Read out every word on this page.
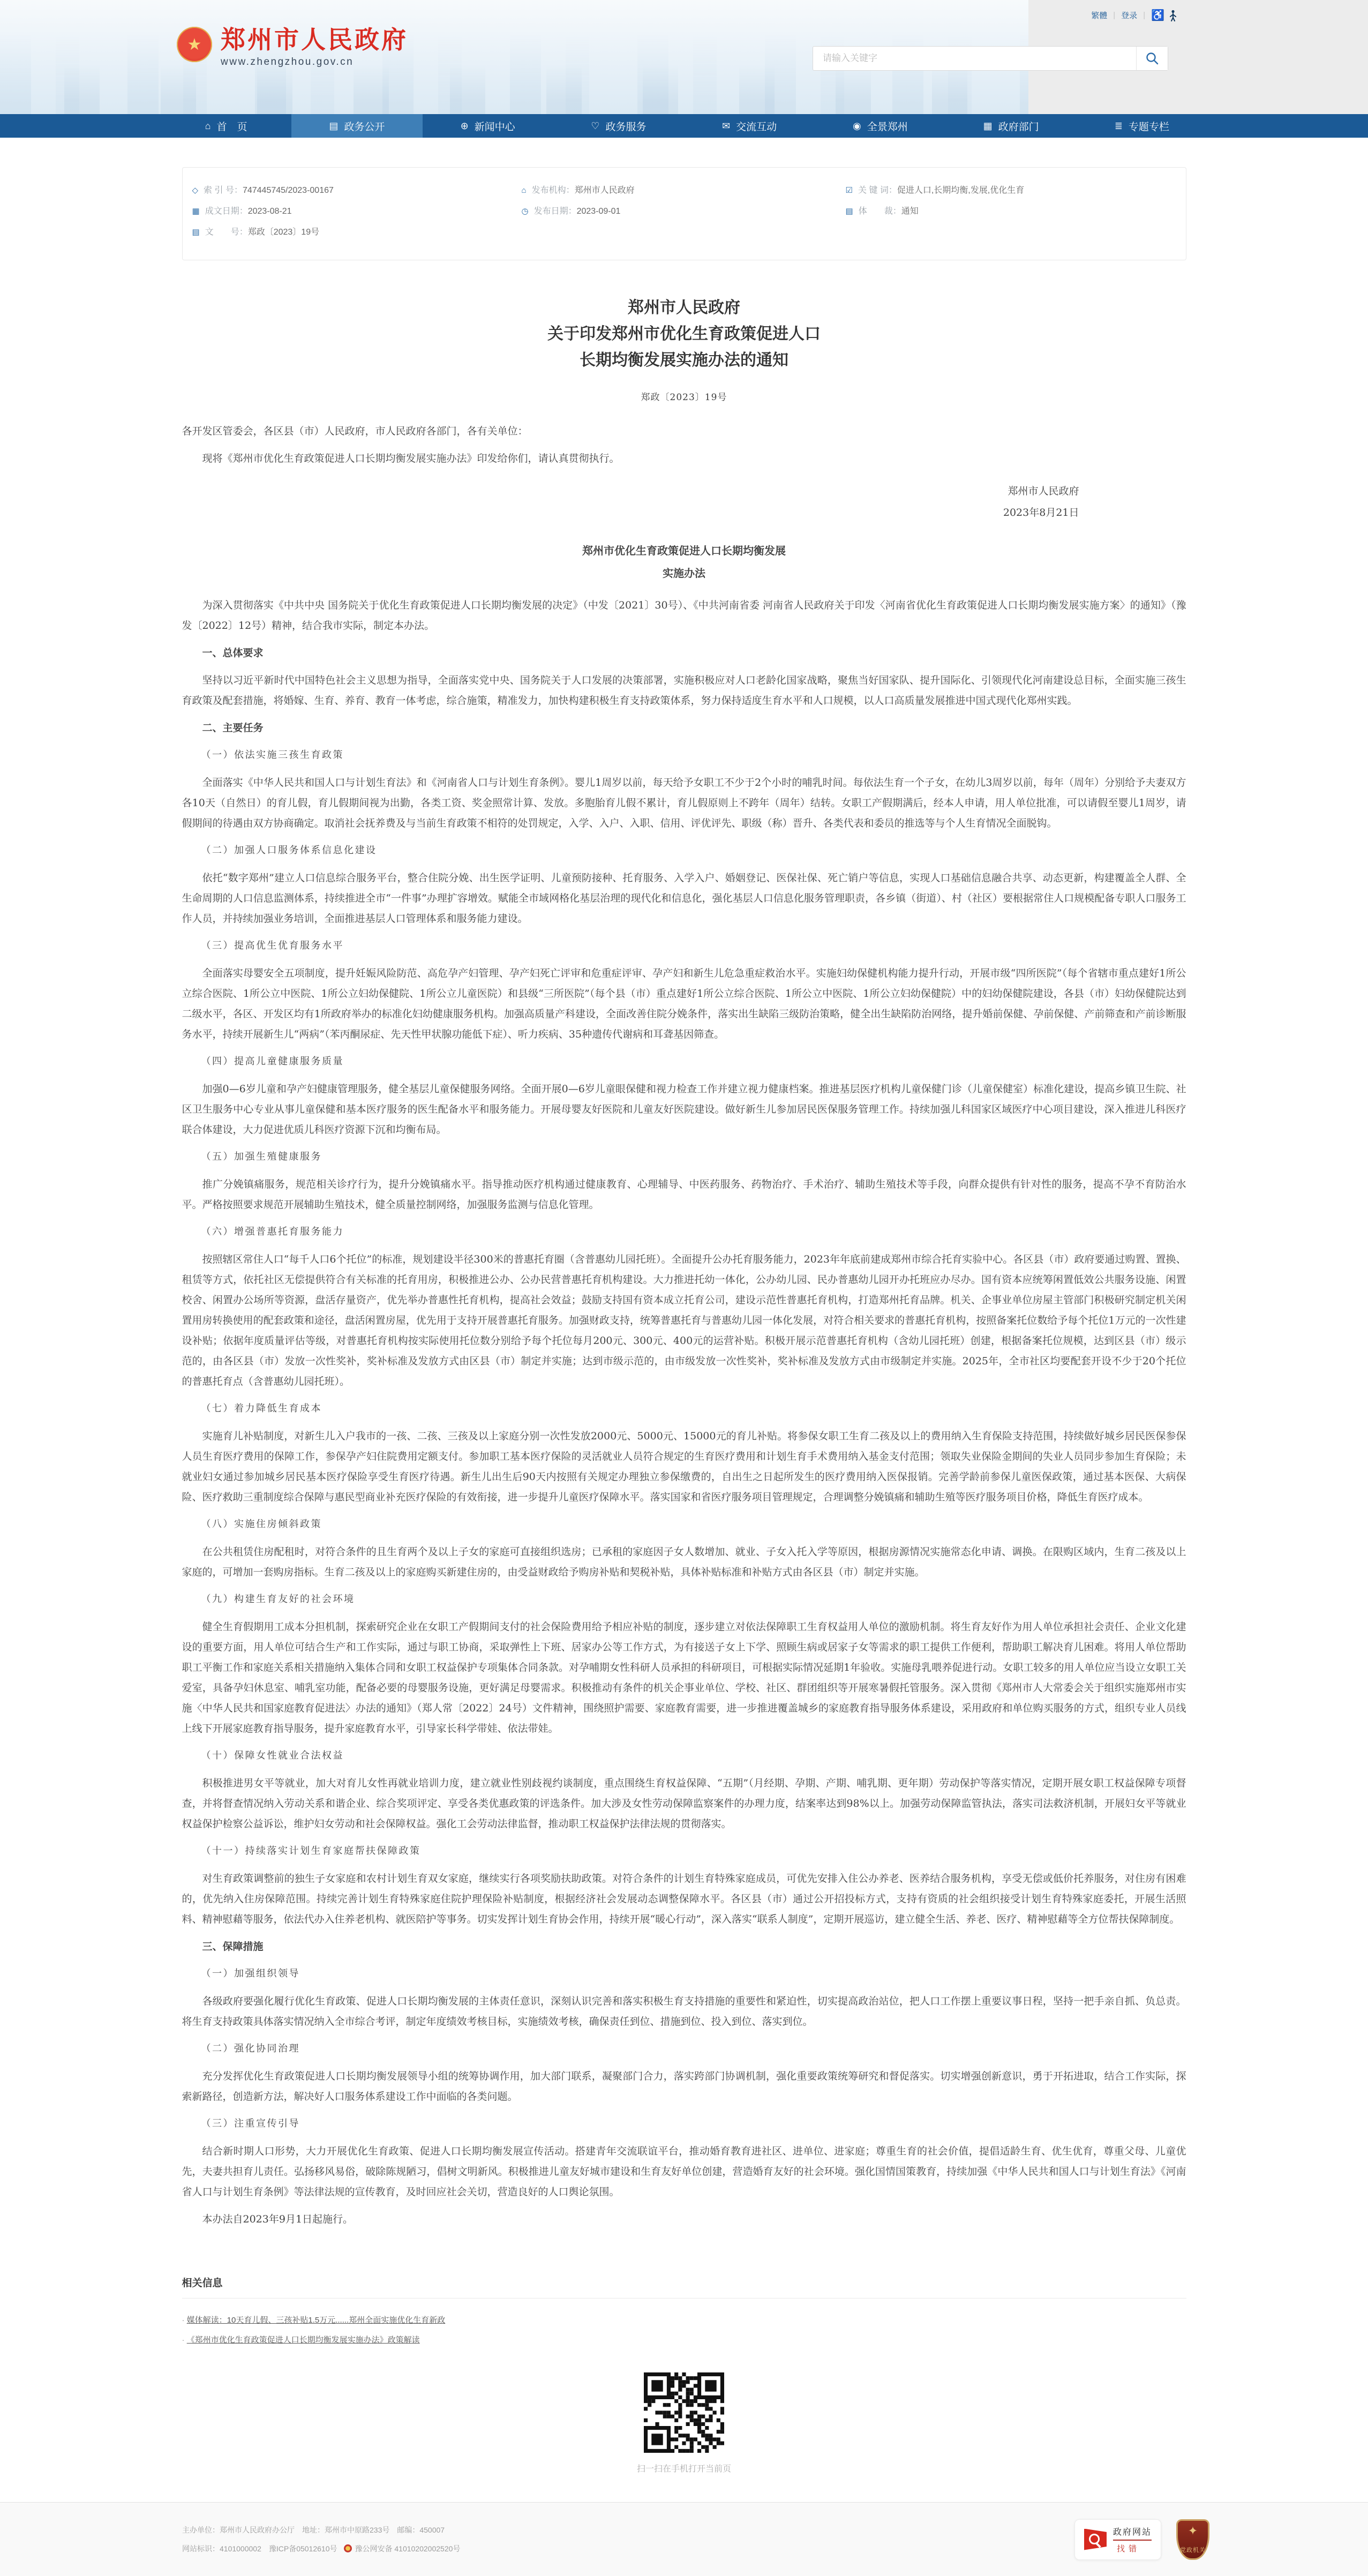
繁體 | 登录 | ♿
★ 郑州市人民政府
www.zhengzhou.gov.cn
请输入关键字
⌂ 首　页	▤ 政务公开	⊕ 新闻中心	♡ 政务服务	✉ 交流互动	◉ 全景郑州	▦ 政府部门	≣ 专题专栏
◇ 索 引 号： 747445745/2023-00167
▦ 成文日期： 2023-08-21
▤ 文　　号： 郑政〔2023〕19号
⌂ 发布机构： 郑州市人民政府
◷ 发布日期： 2023-09-01
☑ 关 键 词： 促进人口,长期均衡,发展,优化生育
▤ 体　　裁： 通知
郑州市人民政府
关于印发郑州市优化生育政策促进人口
长期均衡发展实施办法的通知
郑政〔2023〕19号

各开发区管委会，各区县（市）人民政府，市人民政府各部门，各有关单位：

现将《郑州市优化生育政策促进人口长期均衡发展实施办法》印发给你们，请认真贯彻执行。

郑州市人民政府
2023年8月21日
郑州市优化生育政策促进人口长期均衡发展
实施办法

为深入贯彻落实《中共中央 国务院关于优化生育政策促进人口长期均衡发展的决定》（中发〔2021〕30号）、《中共河南省委 河南省人民政府关于印发〈河南省优化生育政策促进人口长期均衡发展实施方案〉的通知》（豫发〔2022〕12号）精神，结合我市实际，制定本办法。

一、总体要求

坚持以习近平新时代中国特色社会主义思想为指导，全面落实党中央、国务院关于人口发展的决策部署，实施积极应对人口老龄化国家战略，聚焦当好国家队、提升国际化、引领现代化河南建设总目标，全面实施三孩生育政策及配套措施，将婚嫁、生育、养育、教育一体考虑，综合施策，精准发力，加快构建积极生育支持政策体系，努力保持适度生育水平和人口规模，以人口高质量发展推进中国式现代化郑州实践。

二、主要任务

（一）依法实施三孩生育政策

全面落实《中华人民共和国人口与计划生育法》和《河南省人口与计划生育条例》。婴儿1周岁以前，每天给予女职工不少于2个小时的哺乳时间。每依法生育一个子女，在幼儿3周岁以前，每年（周年）分别给予夫妻双方各10天（自然日）的育儿假，育儿假期间视为出勤，各类工资、奖金照常计算、发放。多胞胎育儿假不累计，育儿假原则上不跨年（周年）结转。女职工产假期满后，经本人申请，用人单位批准，可以请假至婴儿1周岁，请假期间的待遇由双方协商确定。取消社会抚养费及与当前生育政策不相符的处罚规定，入学、入户、入职、信用、评优评先、职级（称）晋升、各类代表和委员的推选等与个人生育情况全面脱钩。

（二）加强人口服务体系信息化建设

依托“数字郑州”建立人口信息综合服务平台，整合住院分娩、出生医学证明、儿童预防接种、托育服务、入学入户、婚姻登记、医保社保、死亡销户等信息，实现人口基础信息融合共享、动态更新，构建覆盖全人群、全生命周期的人口信息监测体系，持续推进全市“一件事”办理扩容增效。赋能全市域网格化基层治理的现代化和信息化，强化基层人口信息化服务管理职责，各乡镇（街道）、村（社区）要根据常住人口规模配备专职人口服务工作人员，并持续加强业务培训，全面推进基层人口管理体系和服务能力建设。

（三）提高优生优育服务水平

全面落实母婴安全五项制度，提升妊娠风险防范、高危孕产妇管理、孕产妇死亡评审和危重症评审、孕产妇和新生儿危急重症救治水平。实施妇幼保健机构能力提升行动，开展市级“四所医院”（每个省辖市重点建好1所公立综合医院、1所公立中医院、1所公立妇幼保健院、1所公立儿童医院）和县级“三所医院”（每个县（市）重点建好1所公立综合医院、1所公立中医院、1所公立妇幼保健院）中的妇幼保健院建设，各县（市）妇幼保健院达到二级水平，各区、开发区均有1所政府举办的标准化妇幼健康服务机构。加强高质量产科建设，全面改善住院分娩条件，落实出生缺陷三级防治策略，健全出生缺陷防治网络，提升婚前保健、孕前保健、产前筛查和产前诊断服务水平，持续开展新生儿“两病”（苯丙酮尿症、先天性甲状腺功能低下症）、听力疾病、35种遗传代谢病和耳聋基因筛查。

（四）提高儿童健康服务质量

加强0—6岁儿童和孕产妇健康管理服务，健全基层儿童保健服务网络。全面开展0—6岁儿童眼保健和视力检查工作并建立视力健康档案。推进基层医疗机构儿童保健门诊（儿童保健室）标准化建设，提高乡镇卫生院、社区卫生服务中心专业从事儿童保健和基本医疗服务的医生配备水平和服务能力。开展母婴友好医院和儿童友好医院建设。做好新生儿参加居民医保服务管理工作。持续加强儿科国家区域医疗中心项目建设，深入推进儿科医疗联合体建设，大力促进优质儿科医疗资源下沉和均衡布局。

（五）加强生殖健康服务

推广分娩镇痛服务，规范相关诊疗行为，提升分娩镇痛水平。指导推动医疗机构通过健康教育、心理辅导、中医药服务、药物治疗、手术治疗、辅助生殖技术等手段，向群众提供有针对性的服务，提高不孕不育防治水平。严格按照要求规范开展辅助生殖技术，健全质量控制网络，加强服务监测与信息化管理。

（六）增强普惠托育服务能力

按照辖区常住人口“每千人口6个托位”的标准，规划建设半径300米的普惠托育圈（含普惠幼儿园托班）。全面提升公办托育服务能力，2023年年底前建成郑州市综合托育实验中心。各区县（市）政府要通过购置、置换、租赁等方式，依托社区无偿提供符合有关标准的托育用房，积极推进公办、公办民营普惠托育机构建设。大力推进托幼一体化，公办幼儿园、民办普惠幼儿园开办托班应办尽办。国有资本应统筹闲置低效公共服务设施、闲置校舍、闲置办公场所等资源，盘活存量资产，优先举办普惠性托育机构，提高社会效益；鼓励支持国有资本成立托育公司，建设示范性普惠托育机构，打造郑州托育品牌。机关、企事业单位房屋主管部门积极研究制定机关闲置用房转换使用的配套政策和途径，盘活闲置房屋，优先用于支持开展普惠托育服务。加强财政支持，统筹普惠托育与普惠幼儿园一体化发展，对符合相关要求的普惠托育机构，按照备案托位数给予每个托位1万元的一次性建设补贴；依据年度质量评估等级，对普惠托育机构按实际使用托位数分别给予每个托位每月200元、300元、400元的运营补贴。积极开展示范普惠托育机构（含幼儿园托班）创建，根据备案托位规模，达到区县（市）级示范的，由各区县（市）发放一次性奖补，奖补标准及发放方式由区县（市）制定并实施；达到市级示范的，由市级发放一次性奖补，奖补标准及发放方式由市级制定并实施。2025年，全市社区均要配套开设不少于20个托位的普惠托育点（含普惠幼儿园托班）。

（七）着力降低生育成本

实施育儿补贴制度，对新生儿入户我市的一孩、二孩、三孩及以上家庭分别一次性发放2000元、5000元、15000元的育儿补贴。将参保女职工生育二孩及以上的费用纳入生育保险支持范围，持续做好城乡居民医保参保人员生育医疗费用的保障工作，参保孕产妇住院费用定额支付。参加职工基本医疗保险的灵活就业人员符合规定的生育医疗费用和计划生育手术费用纳入基金支付范围；领取失业保险金期间的失业人员同步参加生育保险；未就业妇女通过参加城乡居民基本医疗保险享受生育医疗待遇。新生儿出生后90天内按照有关规定办理独立参保缴费的，自出生之日起所发生的医疗费用纳入医保报销。完善学龄前参保儿童医保政策，通过基本医保、大病保险、医疗救助三重制度综合保障与惠民型商业补充医疗保险的有效衔接，进一步提升儿童医疗保障水平。落实国家和省医疗服务项目管理规定，合理调整分娩镇痛和辅助生殖等医疗服务项目价格，降低生育医疗成本。

（八）实施住房倾斜政策

在公共租赁住房配租时，对符合条件的且生育两个及以上子女的家庭可直接组织选房；已承租的家庭因子女人数增加、就业、子女入托入学等原因，根据房源情况实施常态化申请、调换。在限购区域内，生育二孩及以上家庭的，可增加一套购房指标。生育二孩及以上的家庭购买新建住房的，由受益财政给予购房补贴和契税补贴，具体补贴标准和补贴方式由各区县（市）制定并实施。

（九）构建生育友好的社会环境

健全生育假期用工成本分担机制，探索研究企业在女职工产假期间支付的社会保险费用给予相应补贴的制度，逐步建立对依法保障职工生育权益用人单位的激励机制。将生育友好作为用人单位承担社会责任、企业文化建设的重要方面，用人单位可结合生产和工作实际，通过与职工协商，采取弹性上下班、居家办公等工作方式，为有接送子女上下学、照顾生病或居家子女等需求的职工提供工作便利，帮助职工解决育儿困难。将用人单位帮助职工平衡工作和家庭关系相关措施纳入集体合同和女职工权益保护专项集体合同条款。对孕哺期女性科研人员承担的科研项目，可根据实际情况延期1年验收。实施母乳喂养促进行动。女职工较多的用人单位应当设立女职工关爱室，具备孕妇休息室、哺乳室功能，配备必要的母婴服务设施，更好满足母婴需求。积极推动有条件的机关企事业单位、学校、社区、群团组织等开展寒暑假托管服务。深入贯彻《郑州市人大常委会关于组织实施郑州市实施〈中华人民共和国家庭教育促进法〉办法的通知》（郑人常〔2022〕24号）文件精神，围绕照护需要、家庭教育需要，进一步推进覆盖城乡的家庭教育指导服务体系建设，采用政府和单位购买服务的方式，组织专业人员线上线下开展家庭教育指导服务，提升家庭教育水平，引导家长科学带娃、依法带娃。

（十）保障女性就业合法权益

积极推进男女平等就业，加大对育儿女性再就业培训力度，建立就业性别歧视约谈制度，重点围绕生育权益保障、“五期”（月经期、孕期、产期、哺乳期、更年期）劳动保护等落实情况，定期开展女职工权益保障专项督查，并将督查情况纳入劳动关系和谐企业、综合奖项评定、享受各类优惠政策的评选条件。加大涉及女性劳动保障监察案件的办理力度，结案率达到98%以上。加强劳动保障监管执法，落实司法救济机制，开展妇女平等就业权益保护检察公益诉讼，维护妇女劳动和社会保障权益。强化工会劳动法律监督，推动职工权益保护法律法规的贯彻落实。

（十一）持续落实计划生育家庭帮扶保障政策

对生育政策调整前的独生子女家庭和农村计划生育双女家庭，继续实行各项奖励扶助政策。对符合条件的计划生育特殊家庭成员，可优先安排入住公办养老、医养结合服务机构，享受无偿或低价托养服务，对住房有困难的，优先纳入住房保障范围。持续完善计划生育特殊家庭住院护理保险补贴制度，根据经济社会发展动态调整保障水平。各区县（市）通过公开招投标方式，支持有资质的社会组织接受计划生育特殊家庭委托，开展生活照料、精神慰藉等服务，依法代办入住养老机构、就医陪护等事务。切实发挥计划生育协会作用，持续开展“暖心行动”，深入落实“联系人制度”，定期开展巡访，建立健全生活、养老、医疗、精神慰藉等全方位帮扶保障制度。

三、保障措施

（一）加强组织领导

各级政府要强化履行优化生育政策、促进人口长期均衡发展的主体责任意识，深刻认识完善和落实积极生育支持措施的重要性和紧迫性，切实提高政治站位，把人口工作摆上重要议事日程，坚持一把手亲自抓、负总责。将生育支持政策具体落实情况纳入全市综合考评，制定年度绩效考核目标，实施绩效考核，确保责任到位、措施到位、投入到位、落实到位。

（二）强化协同治理

充分发挥优化生育政策促进人口长期均衡发展领导小组的统筹协调作用，加大部门联系，凝聚部门合力，落实跨部门协调机制，强化重要政策统筹研究和督促落实。切实增强创新意识，勇于开拓进取，结合工作实际，探索新路径，创造新方法，解决好人口服务体系建设工作中面临的各类问题。

（三）注重宣传引导

结合新时期人口形势，大力开展优化生育政策、促进人口长期均衡发展宣传活动。搭建青年交流联谊平台，推动婚育教育进社区、进单位、进家庭；尊重生育的社会价值，提倡适龄生育、优生优育，尊重父母、儿童优先，夫妻共担育儿责任。弘扬移风易俗，破除陈规陋习，倡树文明新风。积极推进儿童友好城市建设和生育友好单位创建，营造婚育友好的社会环境。强化国情国策教育，持续加强《中华人民共和国人口与计划生育法》《河南省人口与计划生育条例》等法律法规的宣传教育，及时回应社会关切，营造良好的人口舆论氛围。

本办法自2023年9月1日起施行。

相关信息
· 媒体解读：10天育儿假、三孩补贴1.5万元......郑州全面实施优化生育新政
· 《郑州市优化生育政策促进人口长期均衡发展实施办法》政策解读
扫一扫在手机打开当前页
主办单位：郑州市人民政府办公厅　地址：郑州市中原路233号　邮编：450007
网站标识：4101000002　豫ICP备05012610号 豫公网安备 41010202002520号
政府网站
找错
✦
党政机关
